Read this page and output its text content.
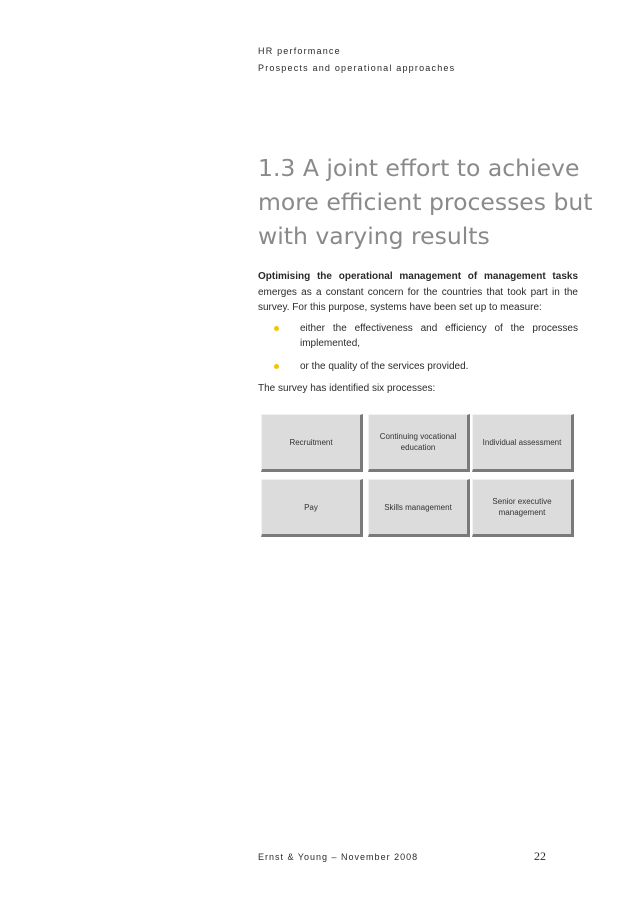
HR performance
Prospects and operational approaches
1.3 A joint effort to achieve more efficient processes but with varying results

Optimising the operational management of management tasks emerges as a constant concern for the countries that took part in the survey. For this purpose, systems have been set up to measure:

either the effectiveness and efficiency of the processes implemented,
or the quality of the services provided.

The survey has identified six processes:

Recruitment
Continuing vocational education
Individual assessment
Pay	Skills management
Senior executive management
Ernst & Young – November 2008	22
